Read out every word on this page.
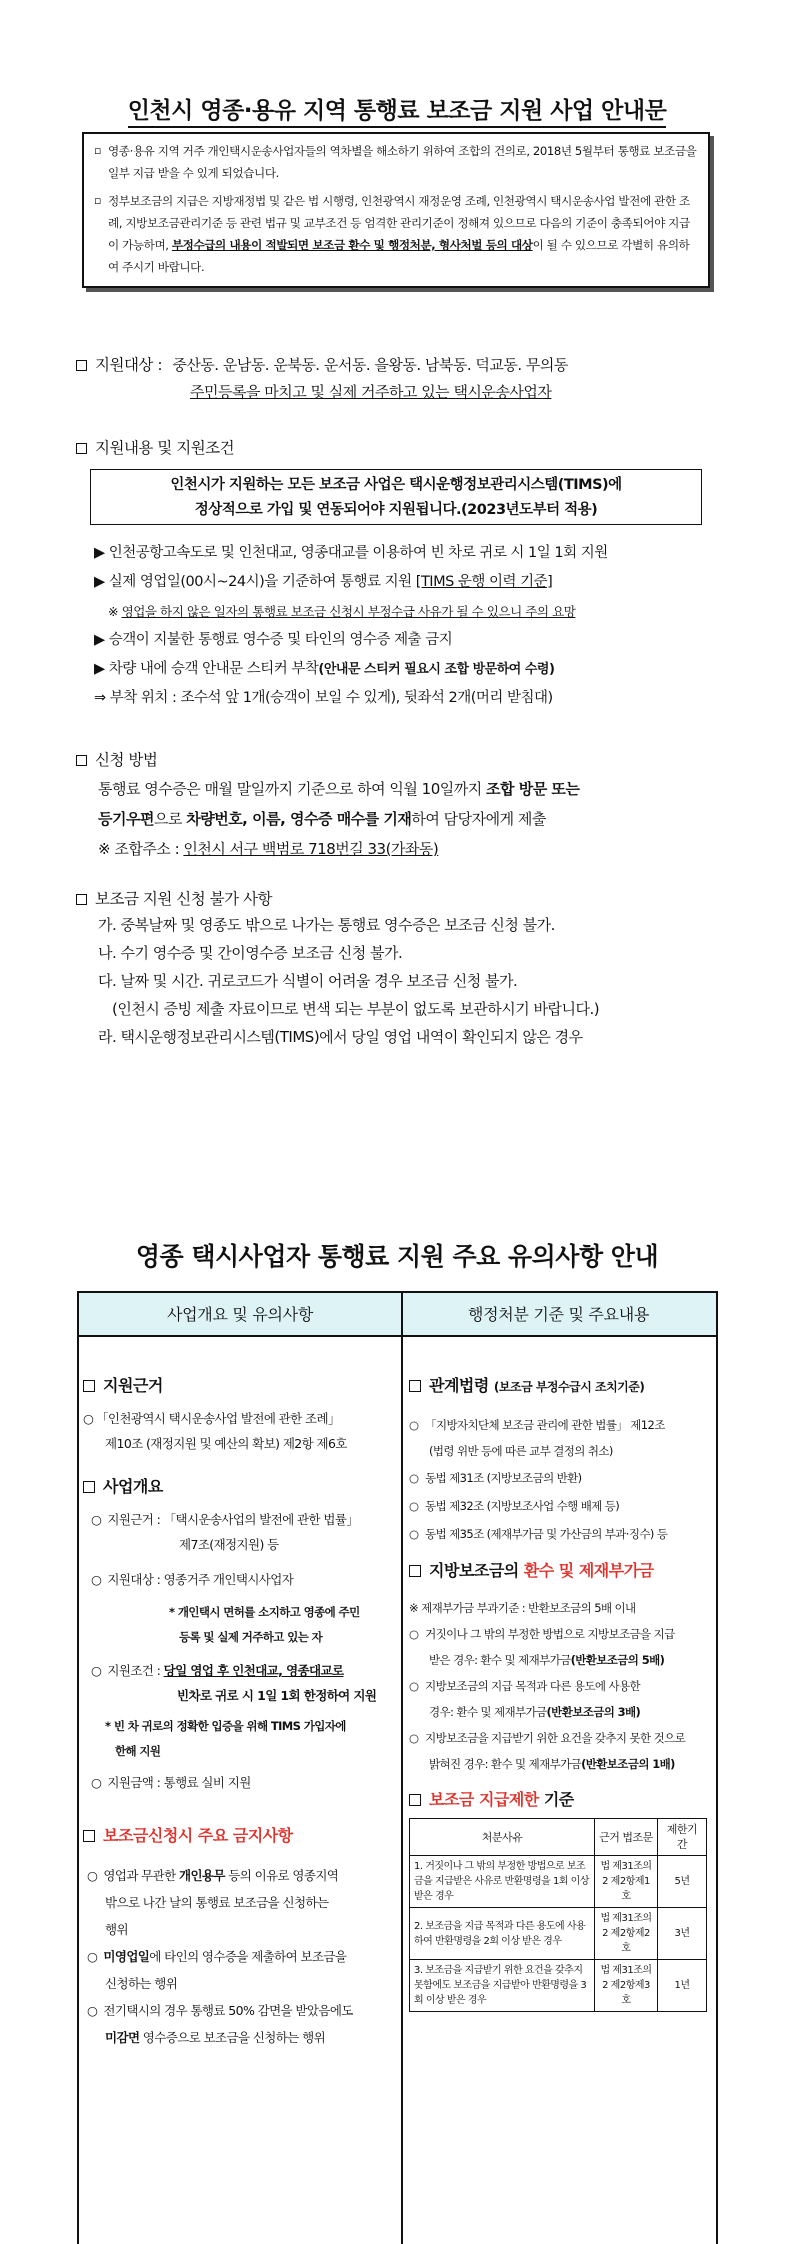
인천시 영종·용유 지역 통행료 보조금 지원 사업 안내문
▫ 영종·용유 지역 거주 개인택시운송사업자들의 역차별을 해소하기 위하여 조합의 건의로, 2018년 5월부터 통행료 보조금을 일부 지급 받을 수 있게 되었습니다.
▫ 정부보조금의 지급은 지방재정법 및 같은 법 시행령, 인천광역시 재정운영 조례, 인천광역시 택시운송사업 발전에 관한 조례, 지방보조금관리기준 등 관련 법규 및 교부조건 등 엄격한 관리기준이 정해져 있으므로 다음의 기준이 충족되어야 지급이 가능하며, 부정수급의 내용이 적발되면 보조금 환수 및 행정처분, 형사처벌 등의 대상이 될 수 있으므로 각별히 유의하여 주시기 바랍니다.
지원대상 : 중산동. 운남동. 운북동. 운서동. 을왕동. 남북동. 덕교동. 무의동
주민등록을 마치고 및 실제 거주하고 있는 택시운송사업자
지원내용 및 지원조건
인천시가 지원하는 모든 보조금 사업은 택시운행정보관리시스템(TIMS)에
정상적으로 가입 및 연동되어야 지원됩니다.(2023년도부터 적용)
▶ 인천공항고속도로 및 인천대교, 영종대교를 이용하여 빈 차로 귀로 시 1일 1회 지원
▶ 실제 영업일(00시~24시)을 기준하여 통행료 지원 [TIMS 운행 이력 기준]
※ 영업을 하지 않은 일자의 통행료 보조금 신청시 부정수급 사유가 될 수 있으니 주의 요망
▶ 승객이 지불한 통행료 영수증 및 타인의 영수증 제출 금지
▶ 차량 내에 승객 안내문 스티커 부착(안내문 스티커 필요시 조합 방문하여 수령)
⇒ 부착 위치 : 조수석 앞 1개(승객이 보일 수 있게), 뒷좌석 2개(머리 받침대)
신청 방법
통행료 영수증은 매월 말일까지 기준으로 하여 익월 10일까지 조합 방문 또는
등기우편으로 차량번호, 이름, 영수증 매수를 기재하여 담당자에게 제출
※ 조합주소 : 인천시 서구 백범로 718번길 33(가좌동)
보조금 지원 신청 불가 사항
가. 중복날짜 및 영종도 밖으로 나가는 통행료 영수증은 보조금 신청 불가.
나. 수기 영수증 및 간이영수증 보조금 신청 불가.
다. 날짜 및 시간. 귀로코드가 식별이 어려울 경우 보조금 신청 불가.
(인천시 증빙 제출 자료이므로 변색 되는 부분이 없도록 보관하시기 바랍니다.)
라. 택시운행정보관리시스템(TIMS)에서 당일 영업 내역이 확인되지 않은 경우
영종 택시사업자 통행료 지원 주요 유의사항 안내
사업개요 및 유의사항	행정처분 기준 및 주요내용
지원근거
○ 「인천광역시 택시운송사업 발전에 관한 조례」
제10조 (재정지원 및 예산의 확보) 제2항 제6호
사업개요
○ 지원근거 : 「택시운송사업의 발전에 관한 법률」
제7조(재정지원) 등
○ 지원대상 : 영종거주 개인택시사업자
* 개인택시 면허를 소지하고 영종에 주민
등록 및 실제 거주하고 있는 자
○ 지원조건 : 당일 영업 후 인천대교, 영종대교로
빈차로 귀로 시 1일 1회 한정하여 지원
* 빈 차 귀로의 정확한 입증을 위해 TIMS 가입자에
한해 지원
○ 지원금액 : 통행료 실비 지원
보조금신청시 주요 금지사항
○ 영업과 무관한 개인용무 등의 이유로 영종지역
밖으로 나간 날의 통행료 보조금을 신청하는
행위
○ 미영업일에 타인의 영수증을 제출하여 보조금을
신청하는 행위
○ 전기택시의 경우 통행료 50% 감면을 받았음에도
미감면 영수증으로 보조금을 신청하는 행위
관계법령 (보조금 부정수급시 조치기준)
○ 「지방자치단체 보조금 관리에 관한 법률」 제12조
(법령 위반 등에 따른 교부 결정의 취소)
○ 동법 제31조 (지방보조금의 반환)
○ 동법 제32조 (지방보조사업 수행 배제 등)
○ 동법 제35조 (제재부가금 및 가산금의 부과·징수) 등
지방보조금의 환수 및 제재부가금
※ 제재부가금 부과기준 : 반환보조금의 5배 이내
○ 거짓이나 그 밖의 부정한 방법으로 지방보조금을 지급
받은 경우: 환수 및 제재부가금(반환보조금의 5배)
○ 지방보조금의 지급 목적과 다른 용도에 사용한
경우: 환수 및 제재부가금(반환보조금의 3배)
○ 지방보조금을 지급받기 위한 요건을 갖추지 못한 것으로
밝혀진 경우: 환수 및 제재부가금(반환보조금의 1배)
보조금 지급제한 기준
처분사유	근거 법조문	제한기간
1. 거짓이나 그 밖의 부정한 방법으로 보조금을 지급받은 사유로 반환명령을 1회 이상 받은 경우	법 제31조의2 제2항제1호	5년
2. 보조금을 지급 목적과 다른 용도에 사용하여 반환명령을 2회 이상 받은 경우	법 제31조의2 제2항제2호	3년
3. 보조금을 지급받기 위한 요건을 갖추지 못함에도 보조금을 지급받아 반환명령을 3회 이상 받은 경우	법 제31조의2 제2항제3호	1년
